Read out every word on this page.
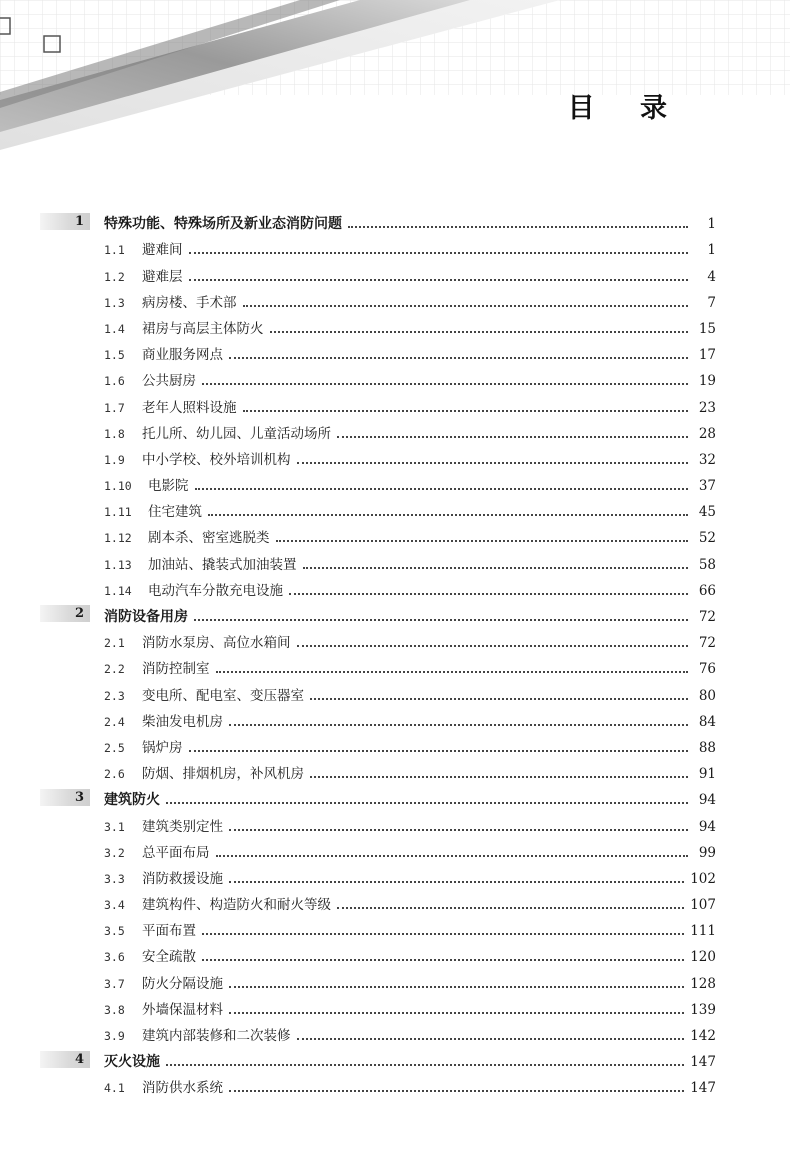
目 录
1	特殊功能、特殊场所及新业态消防问题	1
1.1	避难间	1
1.2	避难层	4
1.3	病房楼、手术部	7
1.4	裙房与高层主体防火	15
1.5	商业服务网点	17
1.6	公共厨房	19
1.7	老年人照料设施	23
1.8	托儿所、幼儿园、儿童活动场所	28
1.9	中小学校、校外培训机构	32
1.10	电影院	37
1.11	住宅建筑	45
1.12	剧本杀、密室逃脱类	52
1.13	加油站、撬装式加油装置	58
1.14	电动汽车分散充电设施	66
2	消防设备用房	72
2.1	消防水泵房、高位水箱间	72
2.2	消防控制室	76
2.3	变电所、配电室、变压器室	80
2.4	柴油发电机房	84
2.5	锅炉房	88
2.6	防烟、排烟机房，补风机房	91
3	建筑防火	94
3.1	建筑类别定性	94
3.2	总平面布局	99
3.3	消防救援设施	102
3.4	建筑构件、构造防火和耐火等级	107
3.5	平面布置	111
3.6	安全疏散	120
3.7	防火分隔设施	128
3.8	外墙保温材料	139
3.9	建筑内部装修和二次装修	142
4	灭火设施	147
4.1	消防供水系统	147
